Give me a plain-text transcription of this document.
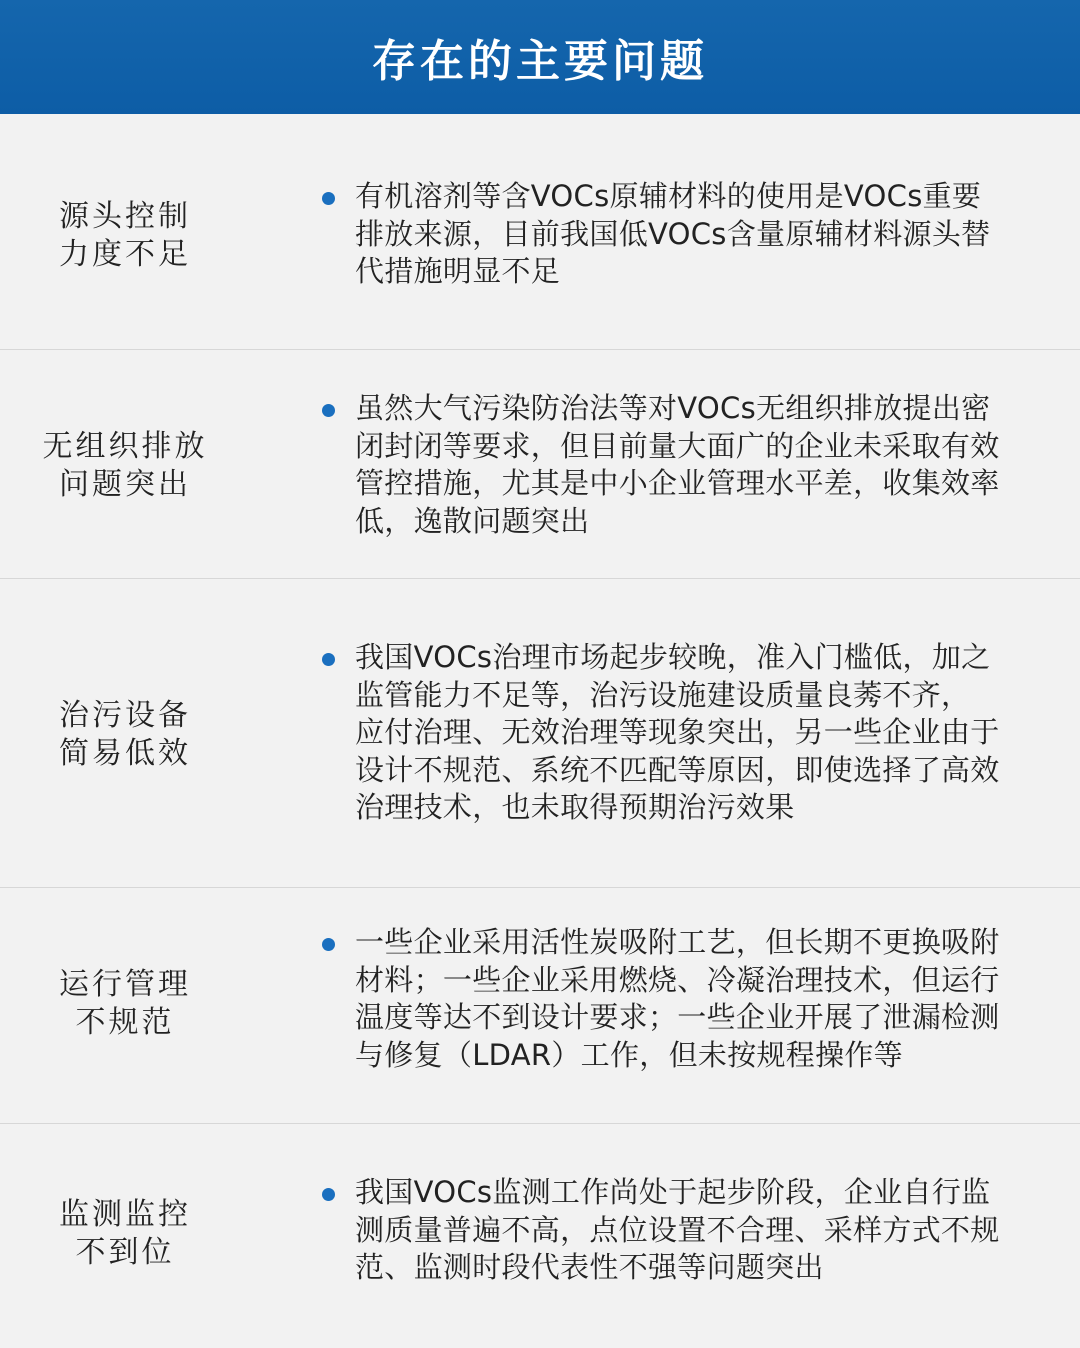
存在的主要问题
源头控制
力度不足
有机溶剂等含VOCs原辅材料的使用是VOCs重要
排放来源，目前我国低VOCs含量原辅材料源头替
代措施明显不足
无组织排放
问题突出
虽然大气污染防治法等对VOCs无组织排放提出密
闭封闭等要求，但目前量大面广的企业未采取有效
管控措施，尤其是中小企业管理水平差，收集效率
低，逸散问题突出
治污设备
简易低效
我国VOCs治理市场起步较晚，准入门槛低，加之
监管能力不足等，治污设施建设质量良莠不齐，
应付治理、无效治理等现象突出，另一些企业由于
设计不规范、系统不匹配等原因，即使选择了高效
治理技术，也未取得预期治污效果
运行管理
不规范
一些企业采用活性炭吸附工艺，但长期不更换吸附
材料；一些企业采用燃烧、冷凝治理技术，但运行
温度等达不到设计要求；一些企业开展了泄漏检测
与修复（LDAR）工作，但未按规程操作等
监测监控
不到位
我国VOCs监测工作尚处于起步阶段，企业自行监
测质量普遍不高，点位设置不合理、采样方式不规
范、监测时段代表性不强等问题突出
